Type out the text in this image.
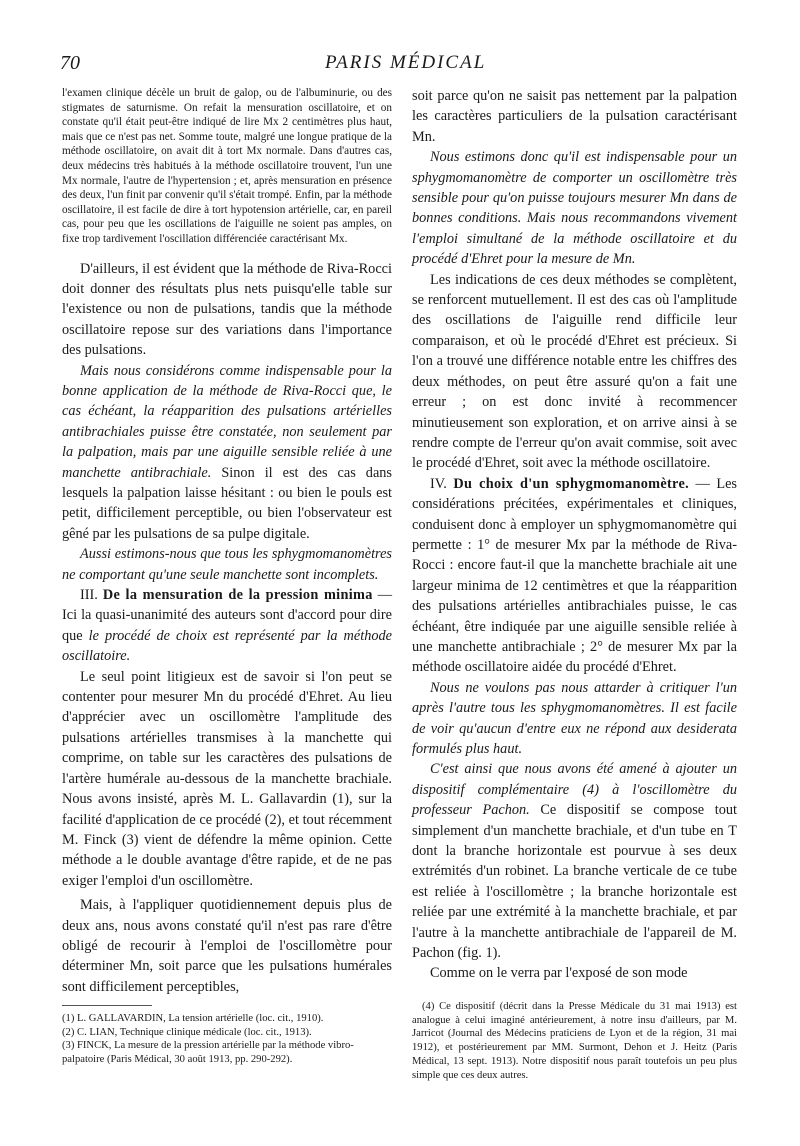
70	PARIS MÉDICAL

l'examen clinique décèle un bruit de galop, ou de l'albuminurie, ou des stigmates de saturnisme. On refait la mensuration oscillatoire, et on constate qu'il était peut-être indiqué de lire Mx 2 centimètres plus haut, mais que ce n'est pas net. Somme toute, malgré une longue pratique de la méthode oscillatoire, on avait dit à tort Mx normale. Dans d'autres cas, deux médecins très habitués à la méthode oscillatoire trouvent, l'un une Mx normale, l'autre de l'hypertension ; et, après mensuration en présence des deux, l'un finit par convenir qu'il s'était trompé. Enfin, par la méthode oscillatoire, il est facile de dire à tort hypotension artérielle, car, en pareil cas, pour peu que les oscillations de l'aiguille ne soient pas amples, on fixe trop tardivement l'oscillation différenciée caractérisant Mx.

D'ailleurs, il est évident que la méthode de Riva-Rocci doit donner des résultats plus nets puisqu'elle table sur l'existence ou non de pulsations, tandis que la méthode oscillatoire repose sur des variations dans l'importance des pulsations.

Mais nous considérons comme indispensable pour la bonne application de la méthode de Riva-Rocci que, le cas échéant, la réapparition des pulsations artérielles antibrachiales puisse être constatée, non seulement par la palpation, mais par une aiguille sensible reliée à une manchette antibrachiale. Sinon il est des cas dans lesquels la palpation laisse hésitant : ou bien le pouls est petit, difficilement perceptible, ou bien l'observateur est gêné par les pulsations de sa pulpe digitale.

Aussi estimons-nous que tous les sphygmomanomètres ne comportant qu'une seule manchette sont incomplets.

III. De la mensuration de la pression minima — Ici la quasi-unanimité des auteurs sont d'accord pour dire que le procédé de choix est représenté par la méthode oscillatoire.

Le seul point litigieux est de savoir si l'on peut se contenter pour mesurer Mn du procédé d'Ehret. Au lieu d'apprécier avec un oscillomètre l'amplitude des pulsations artérielles transmises à la manchette qui comprime, on table sur les caractères des pulsations de l'artère humérale au-dessous de la manchette brachiale. Nous avons insisté, après M. L. Gallavardin (1), sur la facilité d'application de ce procédé (2), et tout récemment M. Finck (3) vient de défendre la même opinion. Cette méthode a le double avantage d'être rapide, et de ne pas exiger l'emploi d'un oscillomètre.

Mais, à l'appliquer quotidiennement depuis plus de deux ans, nous avons constaté qu'il n'est pas rare d'être obligé de recourir à l'emploi de l'oscillomètre pour déterminer Mn, soit parce que les pulsations humérales sont difficilement perceptibles,

(1) L. GALLAVARDIN, La tension artérielle (loc. cit., 1910).

(2) C. LIAN, Technique clinique médicale (loc. cit., 1913).

(3) FINCK, La mesure de la pression artérielle par la méthode vibro-palpatoire (Paris Médical, 30 août 1913, pp. 290-292).

soit parce qu'on ne saisit pas nettement par la palpation les caractères particuliers de la pulsation caractérisant Mn.

Nous estimons donc qu'il est indispensable pour un sphygmomanomètre de comporter un oscillomètre très sensible pour qu'on puisse toujours mesurer Mn dans de bonnes conditions. Mais nous recommandons vivement l'emploi simultané de la méthode oscillatoire et du procédé d'Ehret pour la mesure de Mn.

Les indications de ces deux méthodes se complètent, se renforcent mutuellement. Il est des cas où l'amplitude des oscillations de l'aiguille rend difficile leur comparaison, et où le procédé d'Ehret est précieux. Si l'on a trouvé une différence notable entre les chiffres des deux méthodes, on peut être assuré qu'on a fait une erreur ; on est donc invité à recommencer minutieusement son exploration, et on arrive ainsi à se rendre compte de l'erreur qu'on avait commise, soit avec le procédé d'Ehret, soit avec la méthode oscillatoire.

IV. Du choix d'un sphygmomanomètre. — Les considérations précitées, expérimentales et cliniques, conduisent donc à employer un sphygmomanomètre qui permette : 1° de mesurer Mx par la méthode de Riva-Rocci : encore faut-il que la manchette brachiale ait une largeur minima de 12 centimètres et que la réapparition des pulsations artérielles antibrachiales puisse, le cas échéant, être indiquée par une aiguille sensible reliée à une manchette antibrachiale ; 2° de mesurer Mx par la méthode oscillatoire aidée du procédé d'Ehret.

Nous ne voulons pas nous attarder à critiquer l'un après l'autre tous les sphygmomanomètres. Il est facile de voir qu'aucun d'entre eux ne répond aux desiderata formulés plus haut.

C'est ainsi que nous avons été amené à ajouter un dispositif complémentaire (4) à l'oscillomètre du professeur Pachon. Ce dispositif se compose tout simplement d'un manchette brachiale, et d'un tube en T dont la branche horizontale est pourvue à ses deux extrémités d'un robinet. La branche verticale de ce tube est reliée à l'oscillomètre ; la branche horizontale est reliée par une extrémité à la manchette brachiale, et par l'autre à la manchette antibrachiale de l'appareil de M. Pachon (fig. 1).

Comme on le verra par l'exposé de son mode

(4) Ce dispositif (décrit dans la Presse Médicale du 31 mai 1913) est analogue à celui imaginé antérieurement, à notre insu d'ailleurs, par M. Jarricot (Journal des Médecins praticiens de Lyon et de la région, 31 mai 1912), et postérieurement par MM. Surmont, Dehon et J. Heitz (Paris Médical, 13 sept. 1913). Notre dispositif nous paraît toutefois un peu plus simple que ces deux autres.
